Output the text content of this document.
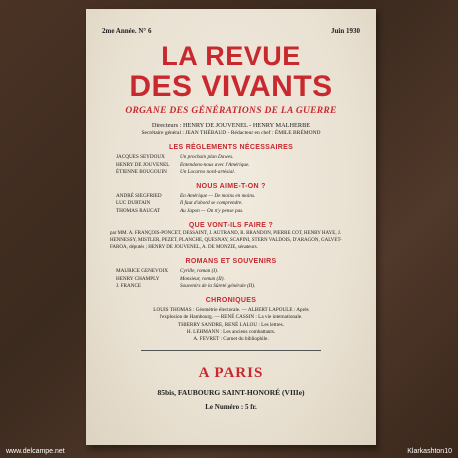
2me Année. N° 6	Juin 1930
LA REVUE
DES VIVANTS
ORGANE DES GÉNÉRATIONS DE LA GUERRE
Directeurs : HENRY DE JOUVENEL - HENRY MALHERBE
Secrétaire général : JEAN THÉBAUD - Rédacteur en chef : ÉMILE BRÉMOND
LES RÈGLEMENTS NÉCESSAIRES
JACQUES SEYDOUX	Un prochain plan Dawes.
HENRY DE JOUVENEL	Entendons-nous avec l'Amérique.
ÉTIENNE BOUGOUIN	Un Locarno nord-artésial.
NOUS AIME-T-ON ?
ANDRÉ SIEGFRIED	En Amérique — De moins en moins.
LUC DURTAIN	Il faut d'abord se comprendre.
THOMAS RAUCAT	Au Japon — On n'y pense pas.
QUE VONT-ILS FAIRE ?
par MM. A. FRANÇOIS-PONCET, DESSAINT, J. AUTRAND, R. BRANDON, PIERRE COT, HENRY HAYE, J. HENNESSY, MISTLER, PEZET, PLANCHE, QUESNAY, SCAPINI, STERN VALDOIS, D'ARAGON, GALVET-FAROA, députés ; HENRY DE JOUVENEL, A. DE MONZIE, sénateurs.
ROMANS ET SOUVENIRS
MAURICE GENEVOIX	Cyrille, roman (I).
HENRY CHAMPLY	Monsieur, roman (II).
J. FRANCE	Souvenirs de la Sûreté générale (II).
CHRONIQUES
LOUIS THOMAS : Géométrie électorale. — ALBERT LAPOULE : Après
l'explosion de Hambourg. — RENÉ CASSIN : La vie internationale.
THIERRY SANDRE, RENÉ LALOU : Les lettres.
H. LEHMANN : Les anciens combattants.
A. FEVRET : Carnet du bibliophile.
A PARIS
85bis, FAUBOURG SAINT-HONORÉ (VIIIe)
Le Numéro : 5 fr.
www.delcampe.net	Klarkashton10
